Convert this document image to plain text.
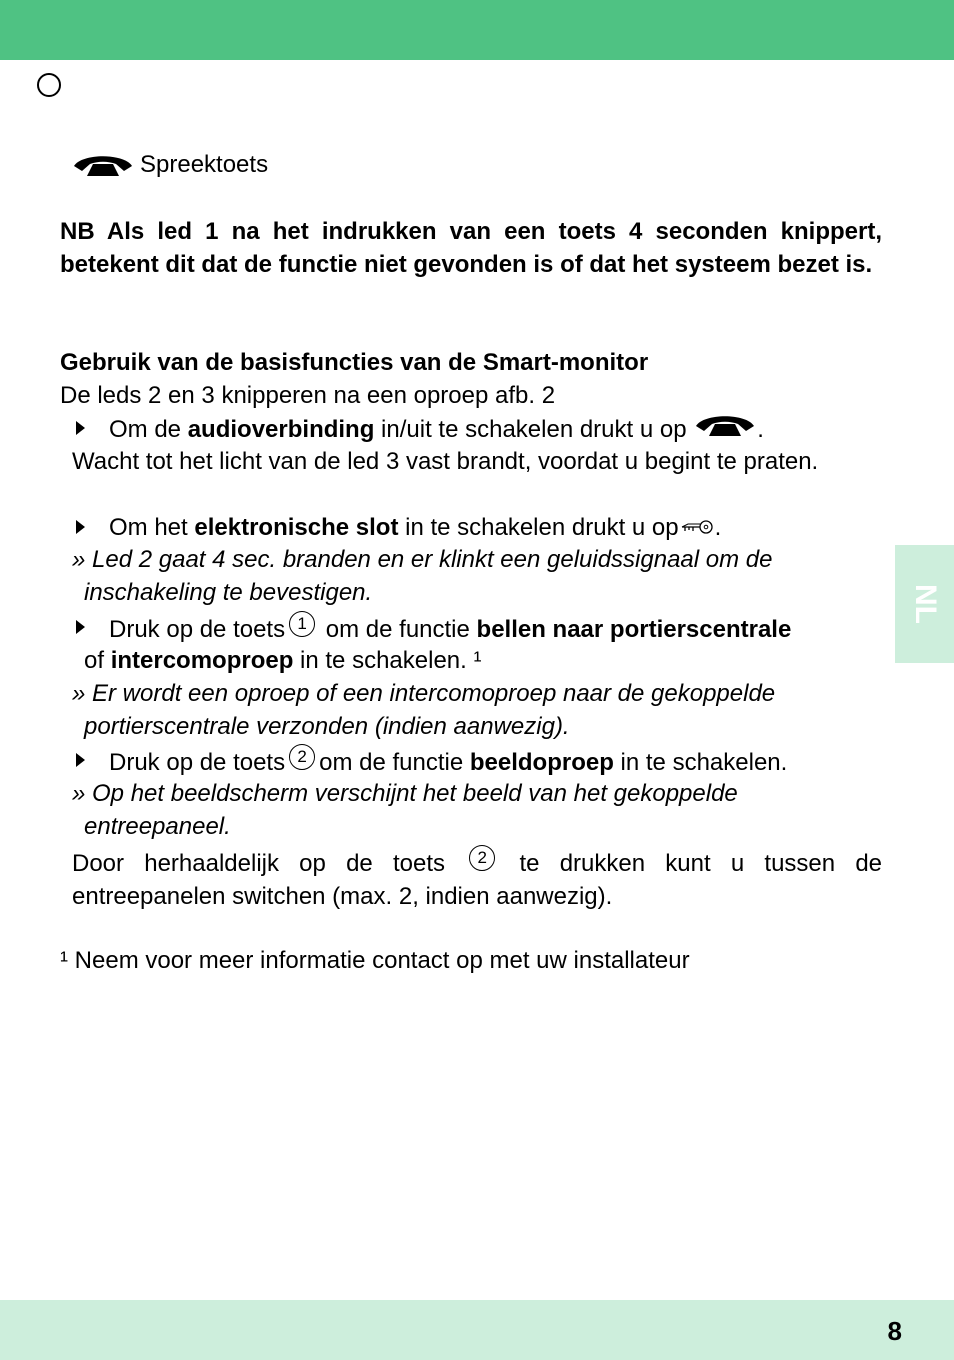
NL
Spreektoets
NB Als led 1 na het indrukken van een toets 4 seconden knippert, betekent dit dat de functie niet gevonden is of dat het systeem bezet is.
Gebruik van de basisfuncties van de Smart-monitor
De leds 2 en 3 knipperen na een oproep afb. 2
Om de audioverbinding in/uit te schakelen drukt u op	.
Wacht tot het licht van de led 3 vast brandt, voordat u begint te praten.
Om het elektronische slot in te schakelen drukt u op .
» Led 2 gaat 4 sec. branden en er klinkt een geluidssignaal om de
inschakeling te bevestigen.
Druk op de toets 1 om de functie bellen naar portierscentrale
of intercomoproep in te schakelen. ¹
» Er wordt een oproep of een intercomoproep naar de gekoppelde
portierscentrale verzonden (indien aanwezig).
Druk op de toets 2 om de functie beeldoproep in te schakelen.
» Op het beeldscherm verschijnt het beeld van het gekoppelde
entreepaneel.
Door herhaaldelijk op de toets 2 te drukken kunt u tussen de entreepanelen switchen (max. 2, indien aanwezig).
¹ Neem voor meer informatie contact op met uw installateur
8
